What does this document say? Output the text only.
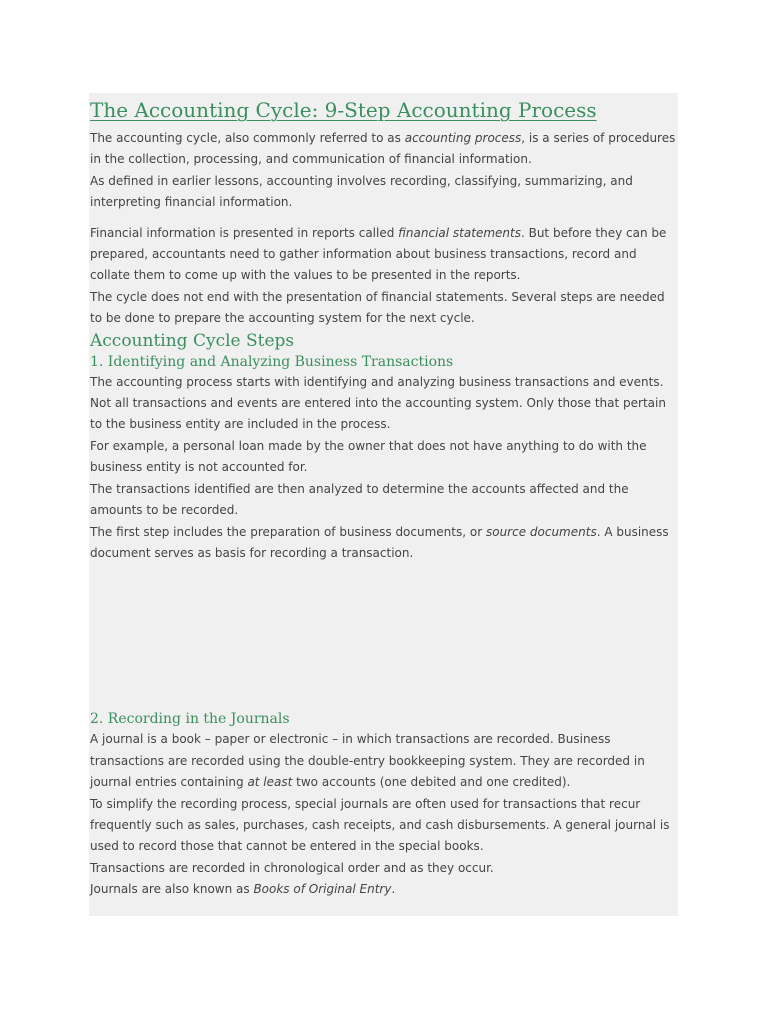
The Accounting Cycle: 9-Step Accounting Process

The accounting cycle, also commonly referred to as accounting process, is a series of procedures in the collection, processing, and communication of financial information.

As defined in earlier lessons, accounting involves recording, classifying, summarizing, and interpreting financial information.

Financial information is presented in reports called financial statements. But before they can be prepared, accountants need to gather information about business transactions, record and collate them to come up with the values to be presented in the reports.

The cycle does not end with the presentation of financial statements. Several steps are needed to be done to prepare the accounting system for the next cycle.

Accounting Cycle Steps
1. Identifying and Analyzing Business Transactions

The accounting process starts with identifying and analyzing business transactions and events. Not all transactions and events are entered into the accounting system. Only those that pertain to the business entity are included in the process.

For example, a personal loan made by the owner that does not have anything to do with the business entity is not accounted for.

The transactions identified are then analyzed to determine the accounts affected and the amounts to be recorded.

The first step includes the preparation of business documents, or source documents. A business document serves as basis for recording a transaction.

2. Recording in the Journals

A journal is a book – paper or electronic – in which transactions are recorded. Business transactions are recorded using the double-entry bookkeeping system. They are recorded in journal entries containing at least two accounts (one debited and one credited).

To simplify the recording process, special journals are often used for transactions that recur frequently such as sales, purchases, cash receipts, and cash disbursements. A general journal is used to record those that cannot be entered in the special books.

Transactions are recorded in chronological order and as they occur.

Journals are also known as Books of Original Entry.
